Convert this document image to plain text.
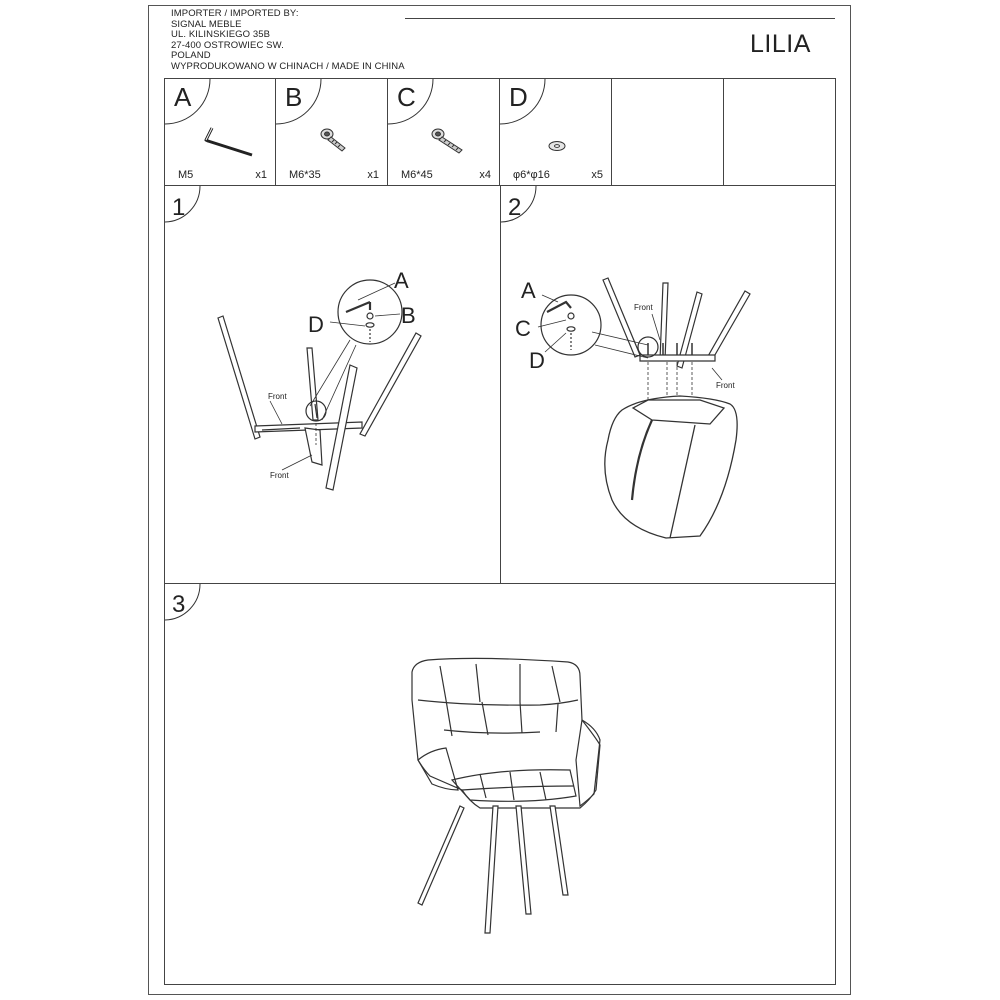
IMPORTER / IMPORTED BY:
SIGNAL MEBLE
UL. KILINSKIEGO 35B
27-400 OSTROWIEC SW.
POLAND
WYPRODUKOWANO W CHINACH / MADE IN CHINA
LILIA
A
M5	x1
B
M6*35	x1
C
M6*45	x4
D
φ6*φ16	x5
1	2
3
A
B
D
Front
Front
A
C
D
Front
Front
